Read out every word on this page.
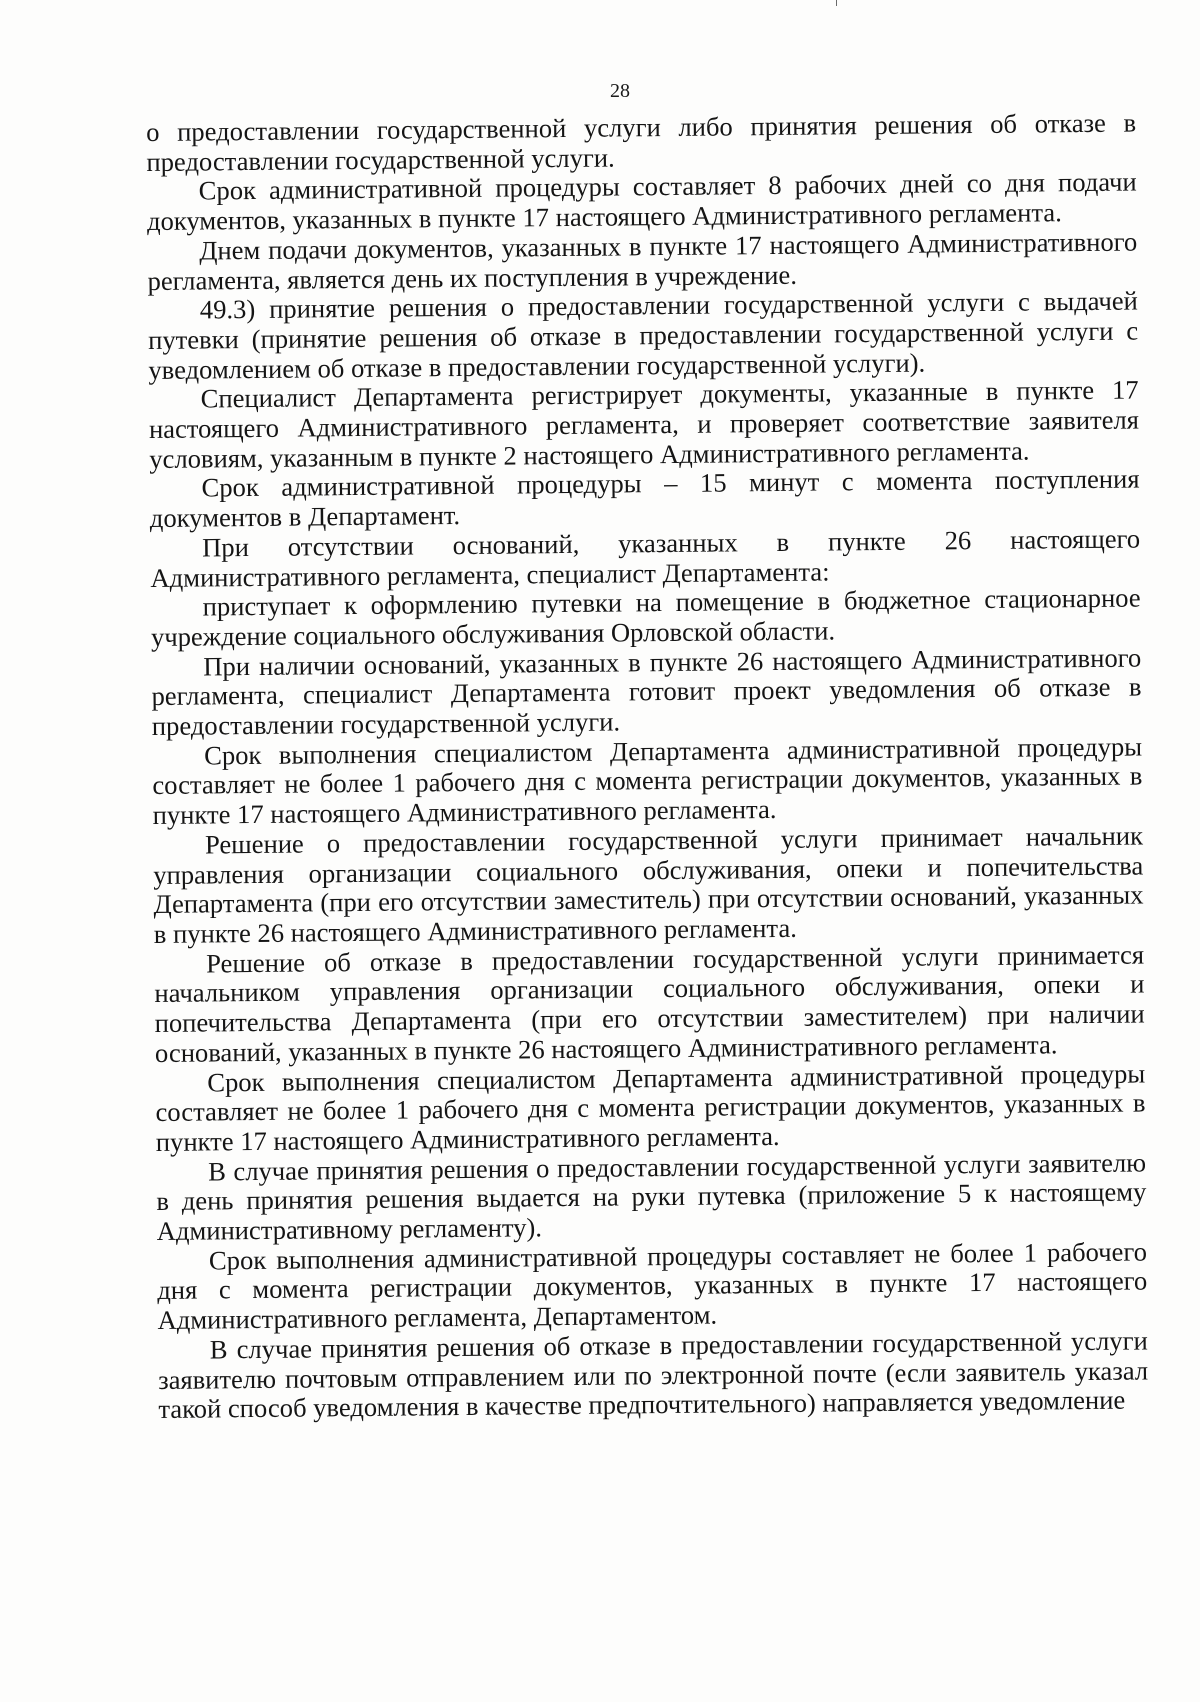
28

о предоставлении государственной услуги либо принятия решения об отказе в предоставлении государственной услуги.

Срок административной процедуры составляет 8 рабочих дней со дня подачи документов, указанных в пункте 17 настоящего Административного регламента.

Днем подачи документов, указанных в пункте 17 настоящего Административного регламента, является день их поступления в учреждение.

49.3) принятие решения о предоставлении государственной услуги с выдачей путевки (принятие решения об отказе в предоставлении государственной услуги с уведомлением об отказе в предоставлении государственной услуги).

Специалист Департамента регистрирует документы, указанные в пункте 17 настоящего Административного регламента, и проверяет соответствие заявителя условиям, указанным в пункте 2 настоящего Административного регламента.

Срок административной процедуры – 15 минут с момента поступления документов в Департамент.

При отсутствии оснований, указанных в пункте 26 настоящего Административного регламента, специалист Департамента:

приступает к оформлению путевки на помещение в бюджетное стационарное учреждение социального обслуживания Орловской области.

При наличии оснований, указанных в пункте 26 настоящего Административного регламента, специалист Департамента готовит проект уведомления об отказе в предоставлении государственной услуги.

Срок выполнения специалистом Департамента административной процедуры составляет не более 1 рабочего дня с момента регистрации документов, указанных в пункте 17 настоящего Административного регламента.

Решение о предоставлении государственной услуги принимает начальник управления организации социального обслуживания, опеки и попечительства Департамента (при его отсутствии заместитель) при отсутствии оснований, указанных в пункте 26 настоящего Административного регламента.

Решение об отказе в предоставлении государственной услуги принимается начальником управления организации социального обслуживания, опеки и попечительства Департамента (при его отсутствии заместителем) при наличии оснований, указанных в пункте 26 настоящего Административного регламента.

Срок выполнения специалистом Департамента административной процедуры составляет не более 1 рабочего дня с момента регистрации документов, указанных в пункте 17 настоящего Административного регламента.

В случае принятия решения о предоставлении государственной услуги заявителю в день принятия решения выдается на руки путевка (приложение 5 к настоящему Административному регламенту).

Срок выполнения административной процедуры составляет не более 1 рабочего дня с момента регистрации документов, указанных в пункте 17 настоящего Административного регламента, Департаментом.

В случае принятия решения об отказе в предоставлении государственной услуги заявителю почтовым отправлением или по электронной почте (если заявитель указал такой способ уведомления в качестве предпочтительного) направляется уведомление
